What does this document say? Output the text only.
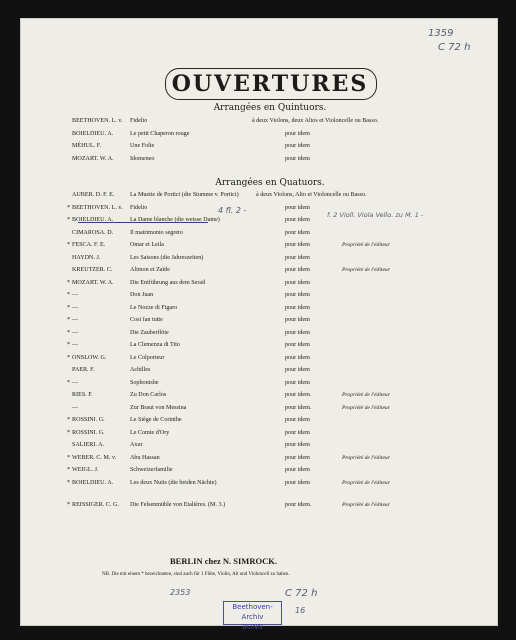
OUVERTURES
Arrangées en Quintuors.
BEETHOVEN. L. v. Fidelio	à deux Violons, deux Altos et Violoncelle ou Basso.
BOIELDIEU. A.	Le petit Chaperon rouge	pour idem
MÉHUL. F.	Une Folie	pour idem
MOZART. W. A.	Idomeneo	pour idem
Arrangées en Quatuors.
AUBER. D. F. E.	La Muette de Portici (die Stumme v. Portici)	à deux Violons, Alto et Violoncelle ou Basso.
* BEETHOVEN. L. v. Fidelio	pour idem
* BOIELDIEU. A.	La Dame blanche (die weisse Dame)	pour idem
CIMAROSA. D.	Il matrimonio segreto	pour idem
* FESCA. F. E.	Omar et Leila	pour idem	Propriété de l'éditeur
HAYDN. J.	Les Saisons (die Jahreszeiten)	pour idem
KREUTZER. C.	Alimon et Zaïde	pour idem	Propriété de l'éditeur
* MOZART. W. A.	Die Entführung aus dem Serail	pour idem
* —	Don Juan	pour idem
* —	Le Nozze di Figaro	pour idem
* —	Cosi fan tutte	pour idem
* —	Die Zauberflöte	pour idem
* —	La Clemenza di Tito	pour idem
* ONSLOW. G.	Le Colporteur	pour idem
PAER. F.	Achilles	pour idem
* —	Sophonisbe	pour idem
RIES. F.	Zu Don Carlos	pour idem.	Propriété de l'éditeur
—	Zur Braut von Messina	pour idem.	Propriété de l'éditeur
* ROSSINI. G.	Le Siège de Corinthe	pour idem
* ROSSINI. G.	Le Comte d'Ory	pour idem
SALIERI. A.	Axur	pour idem
* WEBER. C. M. v. Abu Hassan	pour idem	Propriété de l'éditeur
* WEIGL. J.	Schweizerfamilie	pour idem
* BOIELDIEU. A.	Les deux Nuits (die beiden Nächte)	pour idem	Propriété de l'éditeur
* REISSIGER. C. G. Die Felsenmühle von Etalières. (M. 3.)	pour idem.	Propriété de l'éditeur
BERLIN chez N. SIMROCK.
NB. Die mit einem * bezeichneten, sind auch für 1 Flöte, Violin, Alt und Violoncell zu haben.
1359
C 72 h
4 fl. 2 -	f. 2 Violl. Viola Vello. zu M. 1 -
2353	C 72 h
16
Beethoven-Archiv
BONN
